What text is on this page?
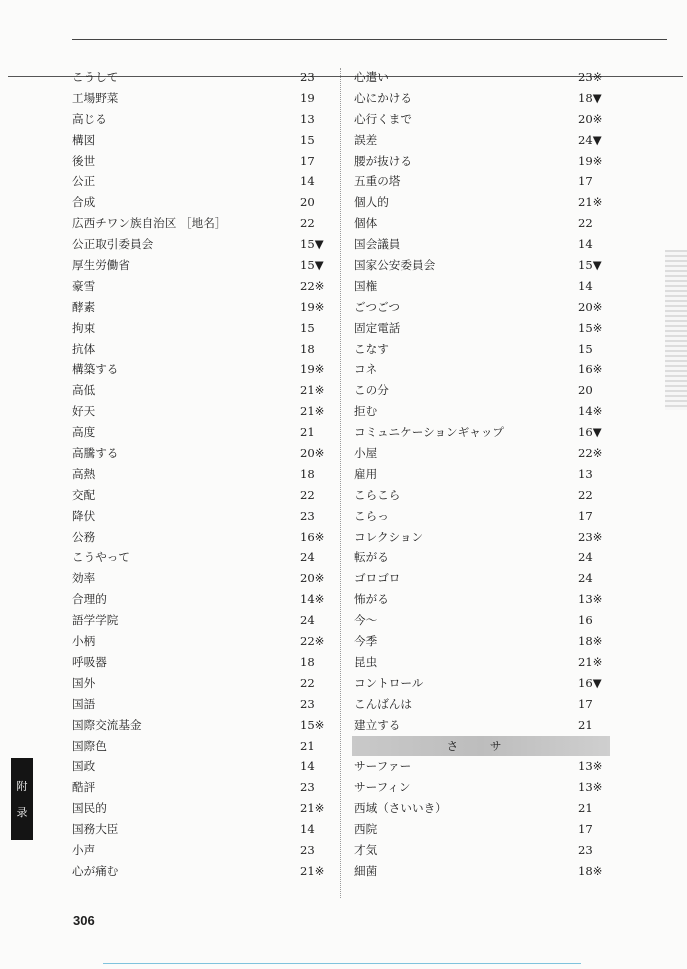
こうして	23
工場野菜	19
高じる	13
構図	15
後世	17
公正	14
合成	20
広西チワン族自治区 ［地名］	22
公正取引委員会	15▼
厚生労働省	15▼
豪雪	22※
酵素	19※
拘束	15
抗体	18
構築する	19※
高低	21※
好天	21※
高度	21
高騰する	20※
高熱	18
交配	22
降伏	23
公務	16※
こうやって	24
効率	20※
合理的	14※
語学学院	24
小柄	22※
呼吸器	18
国外	22
国語	23
国際交流基金	15※
国際色	21
国政	14
酷評	23
国民的	21※
国務大臣	14
小声	23
心が痛む	21※
心遣い	23※
心にかける	18▼
心行くまで	20※
誤差	24▼
腰が抜ける	19※
五重の塔	17
個人的	21※
個体	22
国会議員	14
国家公安委員会	15▼
国権	14
ごつごつ	20※
固定電話	15※
こなす	15
コネ	16※
この分	20
拒む	14※
コミュニケーションギャップ	16▼
小屋	22※
雇用	13
こらこら	22
こらっ	17
コレクション	23※
転がる	24
ゴロゴロ	24
怖がる	13※
今～	16
今季	18※
昆虫	21※
コントロール	16▼
こんばんは	17
建立する	21
さ サ
サーファー	13※
サーフィン	13※
西域（さいいき）	21
西院	17
才気	23
細菌	18※
附
录
306
